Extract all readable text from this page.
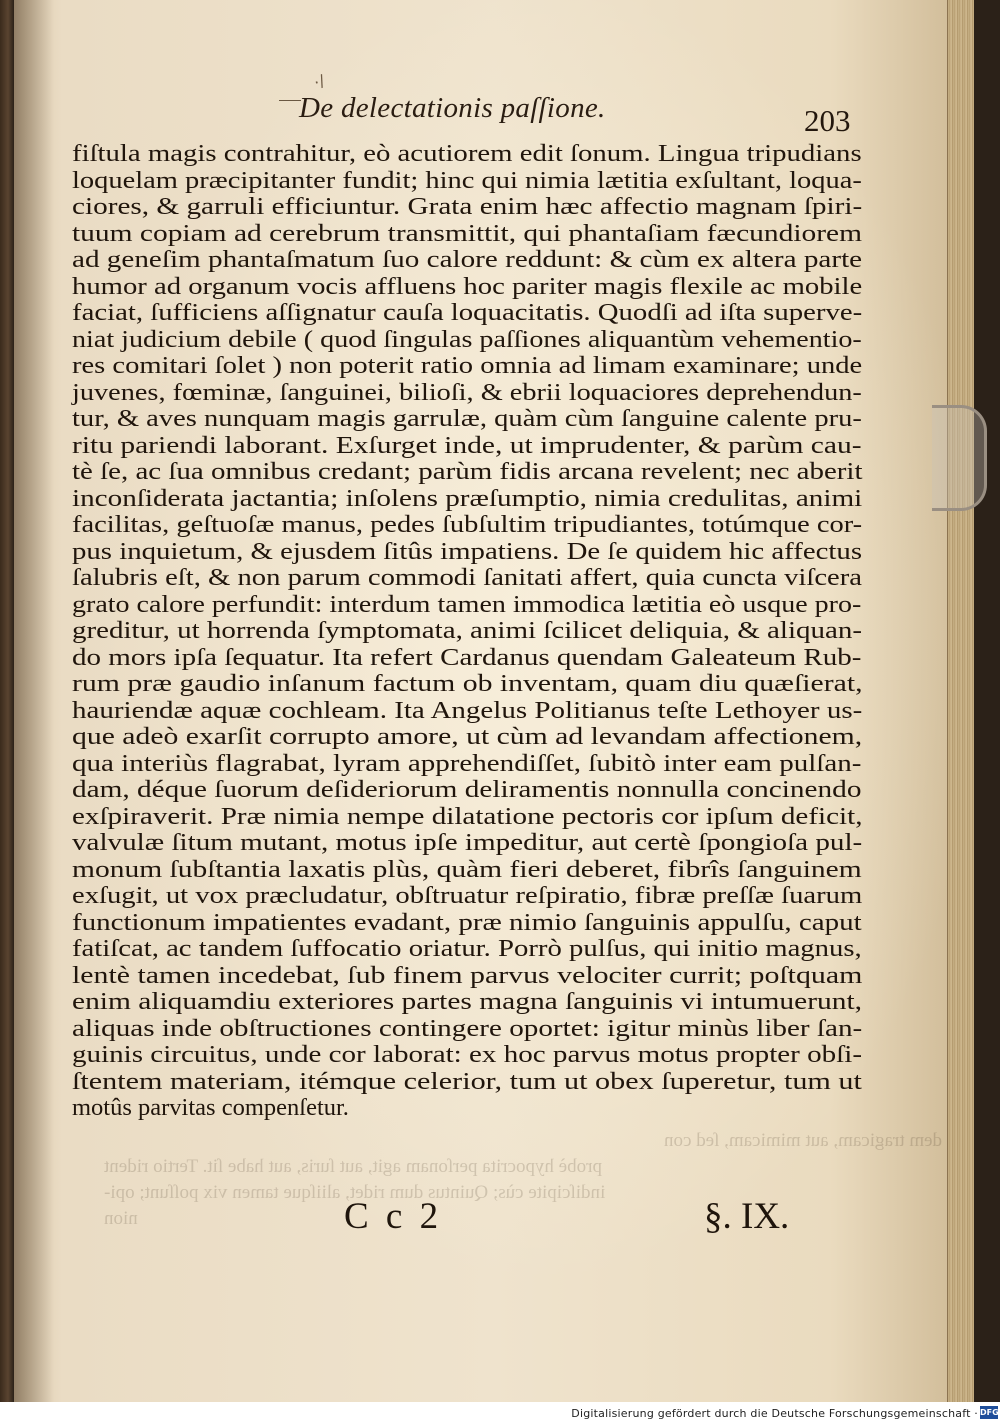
·/
De delectationis paſſione.	203
fiſtula magis contrahitur, eò acutiorem edit ſonum. Lingua tripudians
loquelam præcipitanter fundit; hinc qui nimia lætitia exſultant, loqua-
ciores, & garruli efficiuntur. Grata enim hæc affectio magnam ſpiri-
tuum copiam ad cerebrum transmittit, qui phantaſiam fæcundiorem
ad geneſim phantaſmatum ſuo calore reddunt: & cùm ex altera parte
humor ad organum vocis affluens hoc pariter magis flexile ac mobile
faciat, ſufficiens aſſignatur cauſa loquacitatis. Quodſi ad iſta superve-
niat judicium debile ( quod ſingulas paſſiones aliquantùm vehementio-
res comitari ſolet ) non poterit ratio omnia ad limam examinare; unde
juvenes, fœminæ, ſanguinei, bilioſi, & ebrii loquaciores deprehendun-
tur, & aves nunquam magis garrulæ, quàm cùm ſanguine calente pru-
ritu pariendi laborant. Exſurget inde, ut imprudenter, & parùm cau-
tè ſe, ac ſua omnibus credant; parùm fidis arcana revelent; nec aberit
inconſiderata jactantia; inſolens præſumptio, nimia credulitas, animi
facilitas, geſtuoſæ manus, pedes ſubſultim tripudiantes, totúmque cor-
pus inquietum, & ejusdem ſitûs impatiens. De ſe quidem hic affectus
ſalubris eſt, & non parum commodi ſanitati affert, quia cuncta viſcera
grato calore perfundit: interdum tamen immodica lætitia eò usque pro-
greditur, ut horrenda ſymptomata, animi ſcilicet deliquia, & aliquan-
do mors ipſa ſequatur. Ita refert Cardanus quendam Galeateum Rub-
rum præ gaudio inſanum factum ob inventam, quam diu quæſierat,
hauriendæ aquæ cochleam. Ita Angelus Politianus teſte Lethoyer us-
que adeò exarſit corrupto amore, ut cùm ad levandam affectionem,
qua interiùs flagrabat, lyram apprehendiſſet, ſubitò inter eam pulſan-
dam, déque ſuorum deſideriorum deliramentis nonnulla concinendo
exſpiraverit. Præ nimia nempe dilatatione pectoris cor ipſum deficit,
valvulæ ſitum mutant, motus ipſe impeditur, aut certè ſpongioſa pul-
monum ſubſtantia laxatis plùs, quàm fieri deberet, fibrîs ſanguinem
exſugit, ut vox præcludatur, obſtruatur reſpiratio, fibræ preſſæ ſuarum
functionum impatientes evadant, præ nimio ſanguinis appulſu, caput
fatiſcat, ac tandem ſuffocatio oriatur. Porrò pulſus, qui initio magnus,
lentè tamen incedebat, ſub finem parvus velociter currit; poſtquam
enim aliquamdiu exteriores partes magna ſanguinis vi intumuerunt,
aliquas inde obſtructiones contingere oportet: igitur minùs liber ſan-
guinis circuitus, unde cor laborat: ex hoc parvus motus propter obſi-
ſtentem materiam, itémque celerior, tum ut obex ſuperetur, tum ut
motûs parvitas compenſetur.
dem tragicam, aut mimicam, ſed con
probè hypocrita perſonam agit, aut ſuris, aut habe ſit. Tertio rident
indiſcipite cùs; Quintus dum ridet, aliiſque tamen vix poſſunt; opi-
nion	C c 2	§. IX.
Digitalisierung gefördert durch die Deutsche Forschungsgemeinschaft · DFG
